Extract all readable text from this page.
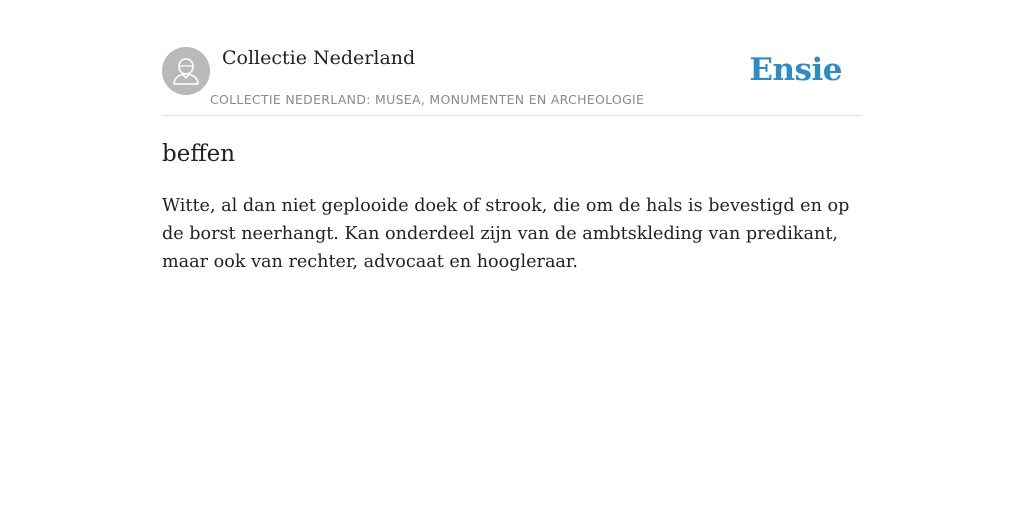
Collectie Nederland
COLLECTIE NEDERLAND: MUSEA, MONUMENTEN EN ARCHEOLOGIE
Ensie
beffen

Witte, al dan niet geplooide doek of strook, die om de hals is bevestigd en op de borst neerhangt. Kan onderdeel zijn van de ambtskleding van predikant, maar ook van rechter, advocaat en hoogleraar.
